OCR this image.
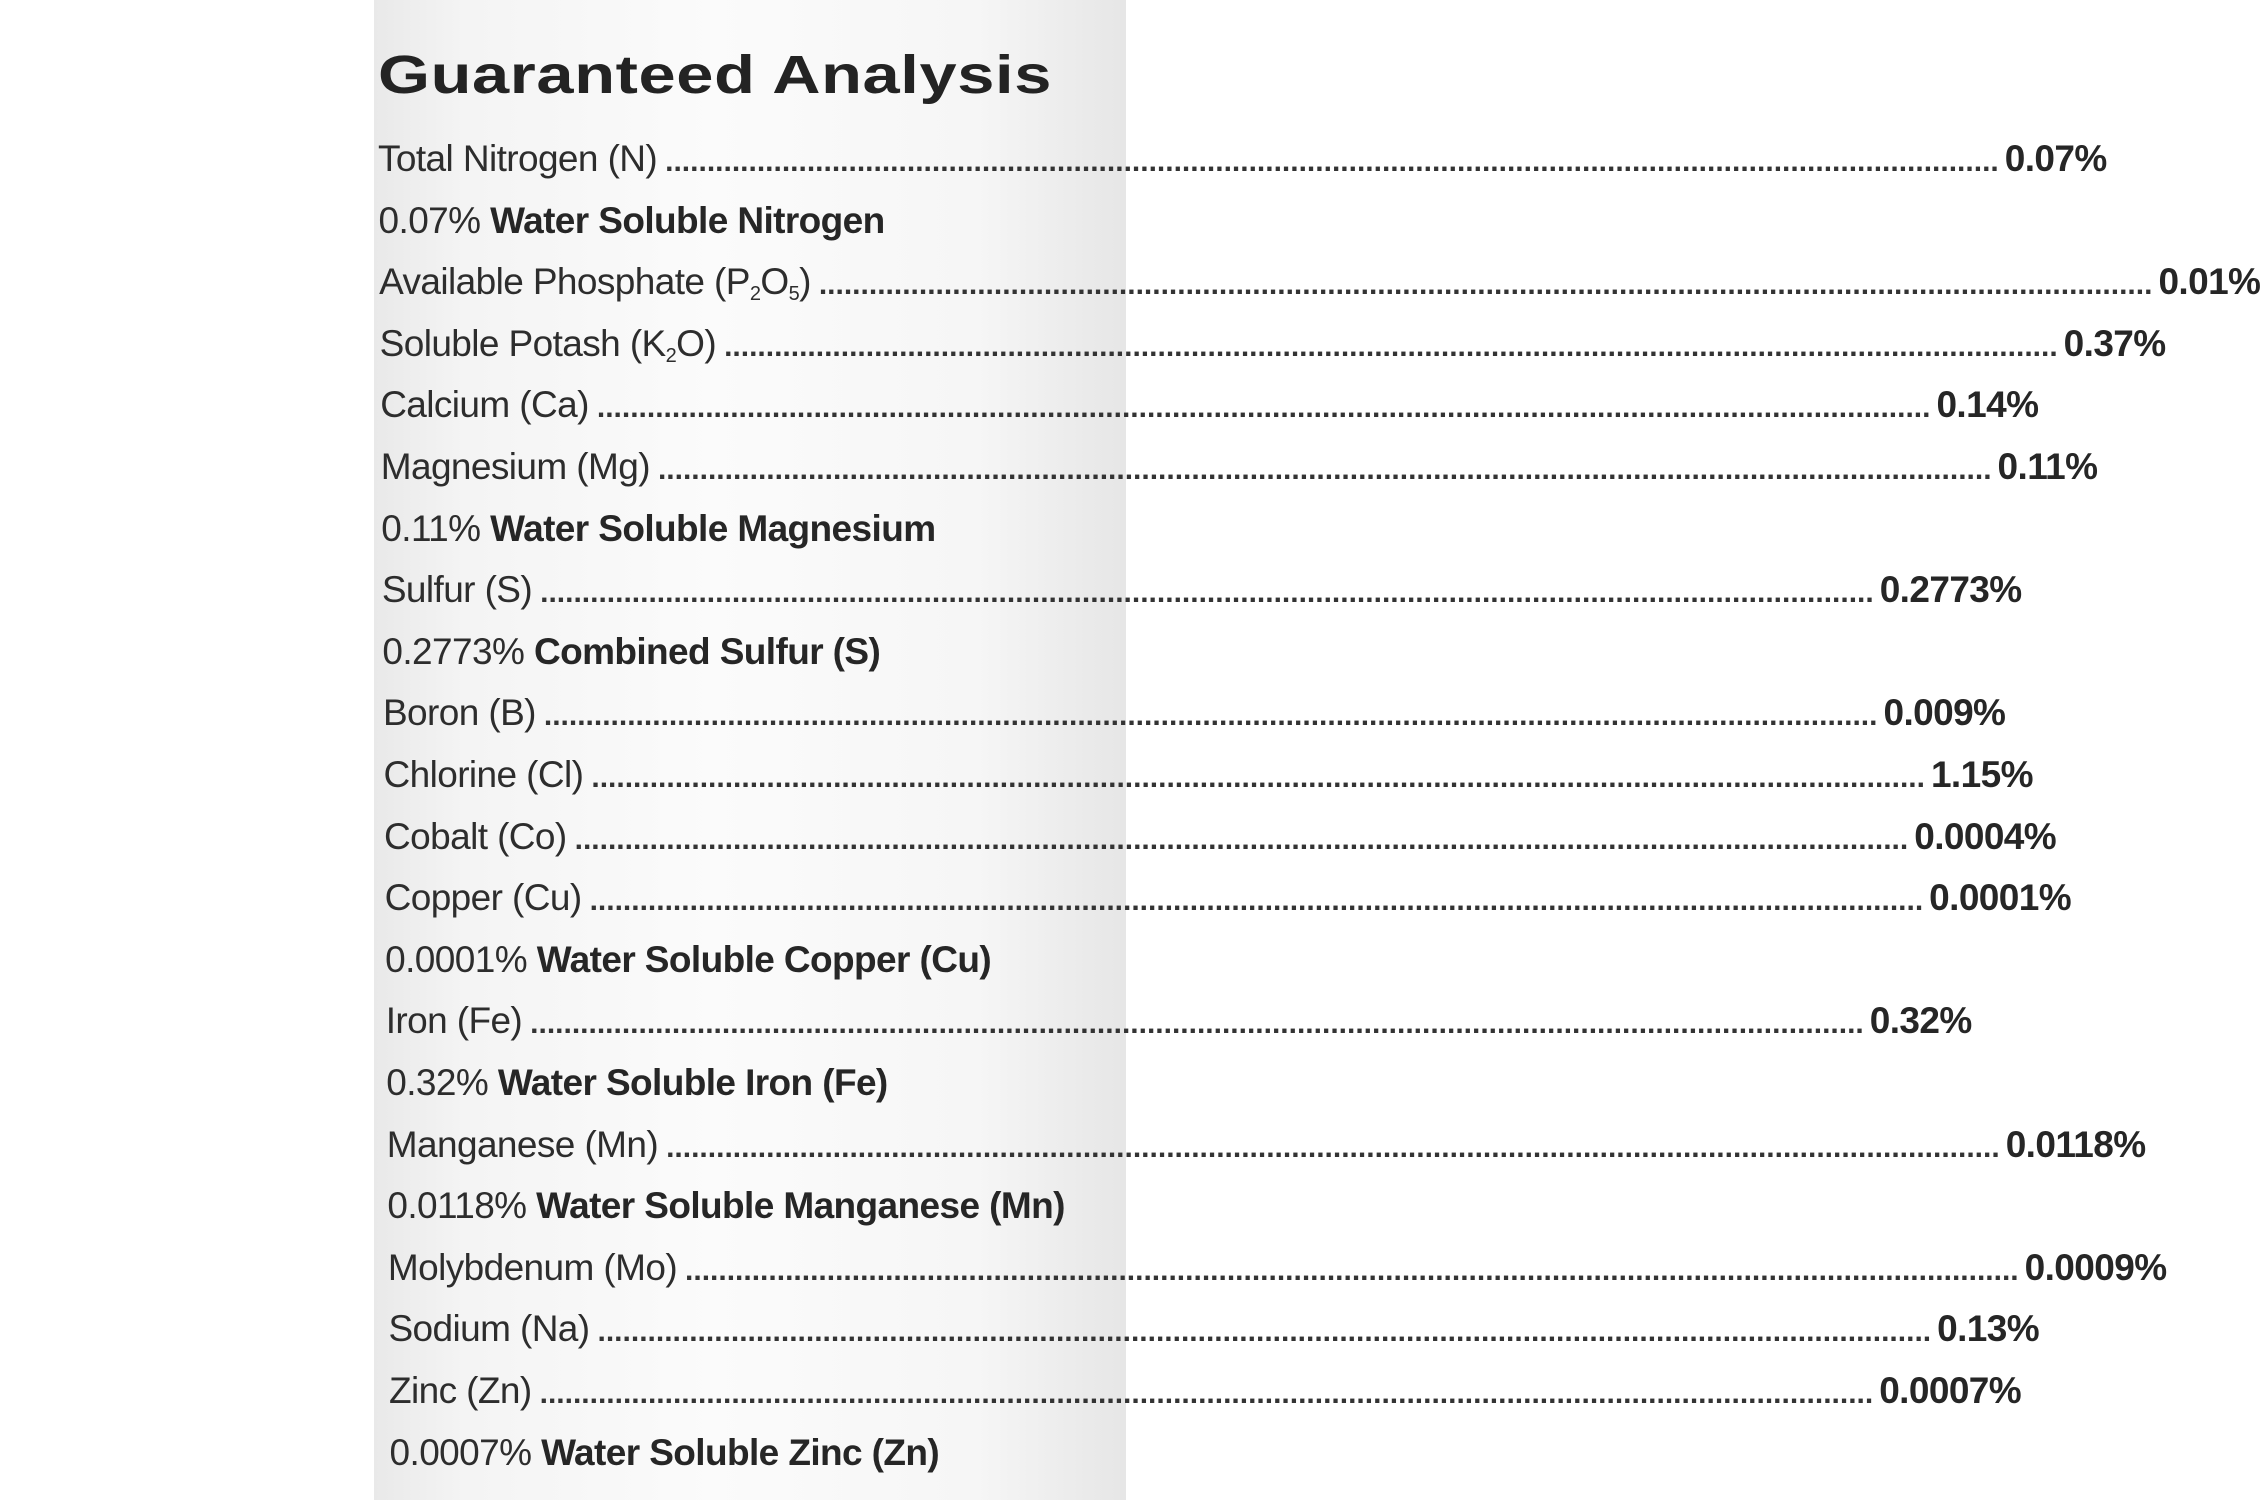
Guaranteed Analysis
Total Nitrogen (N) ................................................................................................................................................................ 0.07%
0.07%
Water Soluble Nitrogen
Available Phosphate $(P_2O_5)$ ................................................................................................................................................................ 0.01%
Soluble Potash $(K_2O)$ ................................................................................................................................................................ 0.37%
Calcium (Ca) ................................................................................................................................................................ 0.14%
Magnesium (Mg) ................................................................................................................................................................ 0.11%
0.11%
Water Soluble Magnesium
Sulfur (S) ................................................................................................................................................................ 0.2773%
0.2773%
Combined Sulfur (S)
Boron (B) ................................................................................................................................................................ 0.009%
Chlorine (Cl) ................................................................................................................................................................ 1.15%
Cobalt (Co) ................................................................................................................................................................ 0.0004%
Copper (Cu) ................................................................................................................................................................ 0.0001%
0.0001%
Water Soluble Copper (Cu)
Iron (Fe) ................................................................................................................................................................ 0.32%
0.32%
Water Soluble Iron (Fe)
Manganese (Mn) ................................................................................................................................................................ 0.0118%
0.0118%
Water Soluble Manganese (Mn)
Molybdenum (Mo) ................................................................................................................................................................ 0.0009%
Sodium (Na) ................................................................................................................................................................ 0.13%
Zinc (Zn) ................................................................................................................................................................ 0.0007%
0.0007%
Water Soluble Zinc (Zn)
